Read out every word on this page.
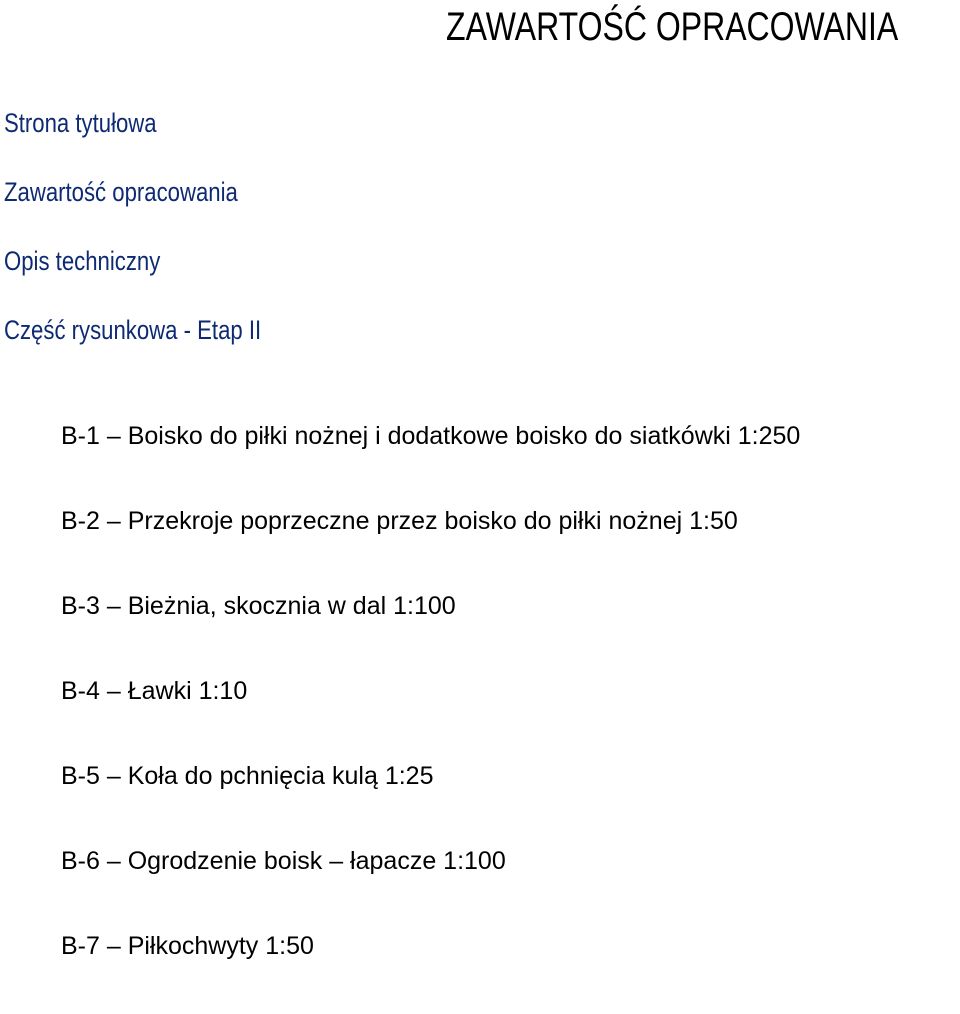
ZAWARTOŚĆ OPRACOWANIA
Strona tytułowa
Zawartość opracowania
Opis techniczny
Część rysunkowa - Etap II
B-1 – Boisko do piłki nożnej i dodatkowe boisko do siatkówki 1:250
B-2 – Przekroje poprzeczne przez boisko do piłki nożnej 1:50
B-3 – Bieżnia, skocznia w dal 1:100
B-4 – Ławki 1:10
B-5 – Koła do pchnięcia kulą 1:25
B-6 – Ogrodzenie boisk – łapacze 1:100
B-7 – Piłkochwyty 1:50
